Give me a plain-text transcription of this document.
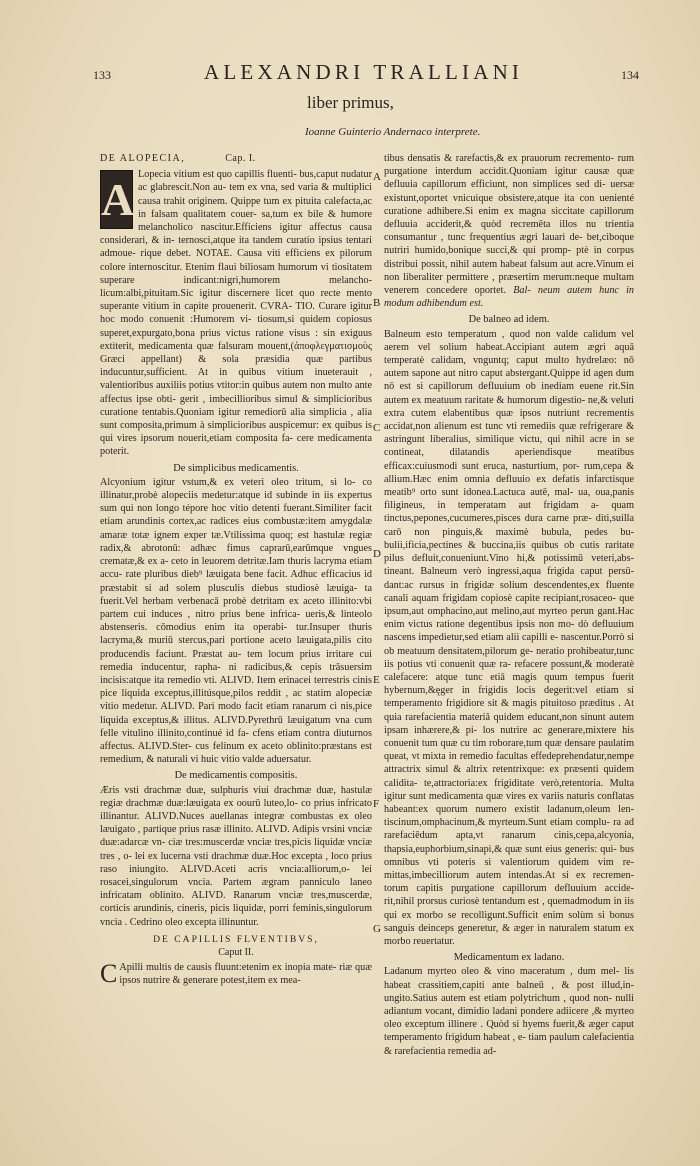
133	134
ALEXANDRI TRALLIANI
liber primus,
Ioanne Guinterio Andernaco interprete.
A
B
C
D
E
F
G
DE ALOPECIA,	Cap. I.

A Lopecia vitium est quo capillis fluenti- bus,caput nudatur ac glabrescit.Non au- tem ex vna, sed varia & multiplici causa trahit originem. Quippe tum ex pituita calefacta,ac in falsam qualitatem couer- sa,tum ex bile & humore melancholico nascitur.Efficiens igitur affectus causa considerari, & in- ternosci,atque ita tandem curatio ipsius tentari admoue- rique debet. NOTAE. Causa viti efficiens ex pilorum colore internoscitur. Etenim flaui biliosam humorum vi tiositatem superare indicant:nigri,humorem melancho- licum:albi,pituitam.Sic igitur discernere licet quo recte mento superante vitium in capite prouenerit. CVRA- TIO. Curare igitur hoc modo conuenit :Humorem vi- tiosum,si quidem copiosus superet,expurgato,bona prius victus ratione visus : sin exiguus extiterit, medicamenta quæ falsuram mouent,(ἀποφλεγματισμοὺς Græci appellant) & sola præsidia quæ partibus inducuntur,sufficient. At in quibus vitium inueterauit , valentioribus auxiliis potius vtitor:in quibus autem non multo ante affectus ipse obti- gerit , imbecillioribus simul & simplicioribus curatione tentabis.Quoniam igitur remediorū alia simplicia , alia sunt composita,primum à simplicioribus auspicemur: ex quibus is qui vires ipsorum nouerit,etiam composita fa- cere medicamenta poterit.

De simplicibus medicamentis.

Alcyonium igitur vstum,& ex veteri oleo tritum, si lo- co illinatur,probè alopeciis medetur:atque id subinde in iis expertus sum qui non longo tépore hoc vitio detenti fuerant.Similiter facit etiam arundinis cortex,ac radices eius combustæ:item amygdalæ amaræ totæ ignem exper tæ.Vtilissima quoq; est hastulæ regiæ radix,& abrotonū: adhæc fimus caprarū,earūmque vngues crematæ,& ex a- ceto in leuorem detritæ.Iam thuris lacryma etiam accu- rate pluribus dieb⁹ læuigata bene facit. Adhuc efficacius id præstabit si ad solem plusculis diebus studiosè læuiga- ta fuerit.Vel herbam verbenacā probè detritam ex aceto illinito:vbi partem cui induces , nitro prius bene infrica- ueris,& linteolo abstenseris. cōmodius enim ita operabi- tur.Insuper thuris lacryma,& muriū stercus,pari portione aceto læuigata,pilis cito producendis faciunt. Præstat au- tem locum prius irritare cui remedia inducentur, rapha- ni radicibus,& cepis trāsuersim incisis:atque ita remedio vti. ALIVD. Item erinacei terrestris cinis pice liquida exceptus,illitúsque,pilos reddit , ac statim alopeciæ vitio medetur. ALIVD. Pari modo facit etiam ranarum ci nis,pice liquida exceptus,& illitus. ALIVD.Pyrethrū læuigatum vna cum felle vitulino illinito,continué id fa- cfens etiam contra diuturnos affectus. ALIVD.Ster- cus felinum ex aceto oblinito:præstans est remedium, & naturali vi huic vitio valde aduersatur.

De medicamentis compositis.

Æris vsti drachmæ duæ, sulphuris viui drachmæ duæ, hastulæ regiæ drachmæ duæ:læuigata ex oourū luteo,lo- co prius infricato illinantur. ALIVD.Nuces auellanas integræ combustas ex oleo læuigato , partique prius rasæ illinito. ALIVD. Adipis vrsini vnciæ duæ:adarcæ vn- ciæ tres:muscerdæ vnciæ tres,picis liquidæ vnciæ tres , o- lei ex lucerna vsti drachmæ duæ.Hoc excepta , loco prius raso iniungito. ALIVD.Aceti acris vncia:alliorum,o- lei rosacei,singulorum vncia. Partem ægram panniculo laneo infricatam oblinito. ALIVD. Ranarum vnciæ tres,muscerdæ, corticis arundinis, cineris, picis liquidæ, porri feminis,singulorum vncia . Cedrino oleo excepta illinuntur.

DE CAPILLIS FLVENTIBVS,
Caput II.

C Apilli multis de causis fluunt:etenim ex inopia mate- riæ quæ ipsos nutrire & generare potest,item ex mea-

tibus densatis & rarefactis,& ex prauorum recremento- rum purgatione interdum accidit.Quoniam igitur causæ quæ defluuia capillorum efficiunt, non simplices sed di- uersæ existunt,oportet vnicuique obsistere,atque ita con uenienté curatione adhibere.Si enim ex magna siccitate capillorum defluuia acciderit,& quòd recremēta illos nu trientia consumantur , tunc frequentius ægri lauari de- bet,ciboque nutriri humido,bonique succi,& qui promp- ptè in corpus distribui possit, nihil autem habeat falsum aut acre.Vinum ei non liberaliter permittere , præsertim merum:neque multam venerem concedere oportet. Bal- neum autem hunc in modum adhibendum est.

De balneo ad idem.

Balneum esto temperatum , quod non valde calidum vel aerem vel solium habeat.Accipiant autem ægri aquā temperatè calidam, vnguntq; caput multo hydrelæo: nō autem sapone aut nitro caput abstergant.Quippe id agen dum nō est si capillorum defluuium ob inediam euene rit.Sin autem ex meatuum raritate & humorum digestio- ne,& veluti extra cutem elabentibus quæ ipsos nutriunt recrementis accidat,non alienum est tunc vti remediis quæ refrigerare & astringunt liberalius, similique victu, qui nihil acre in se contineat, dilatandis aperiendisque meatibus efficax:cuiusmodi sunt eruca, nasturtium, por- rum,cepa & allium.Hæc enim omnia defluuio ex defatis infarctisque meatib⁹ orto sunt idonea.Lactuca autē, mal- ua, oua,panis filigineus, in temperatam aut frigidam a- quam tinctus,pepones,cucumeres,pisces dura carne præ- diti,suilla carō non pinguis,& maximè bubula, pedes bu- bulii,ificia,pectines & buccina,iis quibus ob cutis raritate pilus defluit,conueniunt.Vino hi,& potissimū veteri,abs- tineant. Balneum verò ingressi,aqua frigida caput persū- dant:ac rursus in frigidæ solium descendentes,ex fluente canali aquam frigidam copiosè capite recipiant,rosaceo- que ipsum,aut omphacino,aut melino,aut myrteo perun gant.Hac enim victus ratione degentibus ipsis non mo- dò defluuium nascens impedietur,sed etiam alii capilli e- nascentur.Porrò si ob meatuum densitatem,pilorum ge- neratio prohibeatur,tunc iis potius vti conuenit quæ ra- refacere possunt,& moderatè calefacere: atque tunc etiā magis quum tempus fuerit hybernum,&ęger in frigidis locis degerit:vel etiam si temperamento frigidiore sit & magis pituitoso præditus . At quia rarefacientia materiā quidem educant,non sinunt autem ipsam inhærere,& pi- los nutrire ac generare,mixtere his conuenit tum quæ cu tim roborare,tum quæ densare paulatim queat, vt mixta in remedio facultas effedeprehendatur,nempe attractrix simul & altrix retentrixque: ex præsenti quidem calidita- te,attractoria:ex frigiditate verò,retentoria. Multa igitur sunt medicamenta quæ vires ex variis naturis conflatas habeant:ex quorum numero existit ladanum,oleum len- tiscinum,omphacinum,& myrteum.Sunt etiam complu- ra ad rarefaciēdum apta,vt ranarum cinis,cepa,alcyonia, thapsia,euphorbium,sinapi,& quæ sunt eius generis: qui- bus omnibus vti poteris si valentiorum quidem vim re- mittas,imbecilliorum autem intendas.At si ex recremen- torum capitis purgatione capillorum defluuium accide- rit,nihil prorsus curiosè tentandum est , quemadmodum in iis qui ex morbo se recolligunt.Sufficit enim solùm si bonus sanguis deinceps generetur, & æger in naturalem statum ex morbo reuertatur.

Medicamentum ex ladano.

Ladanum myrteo oleo & vino maceratum , dum mel- lis habeat crassitiem,capiti ante balneū , & post illud,in- ungito.Satius autem est etiam polytrichum , quod non- nulli adiantum vocant, dimidio ladani pondere adiicere ,& myrteo oleo exceptum illinere . Quòd si hyems fuerit,& æger caput temperamento frigidum habeat , e- tiam paulum calefacientia & rarefacientia remedia ad-
